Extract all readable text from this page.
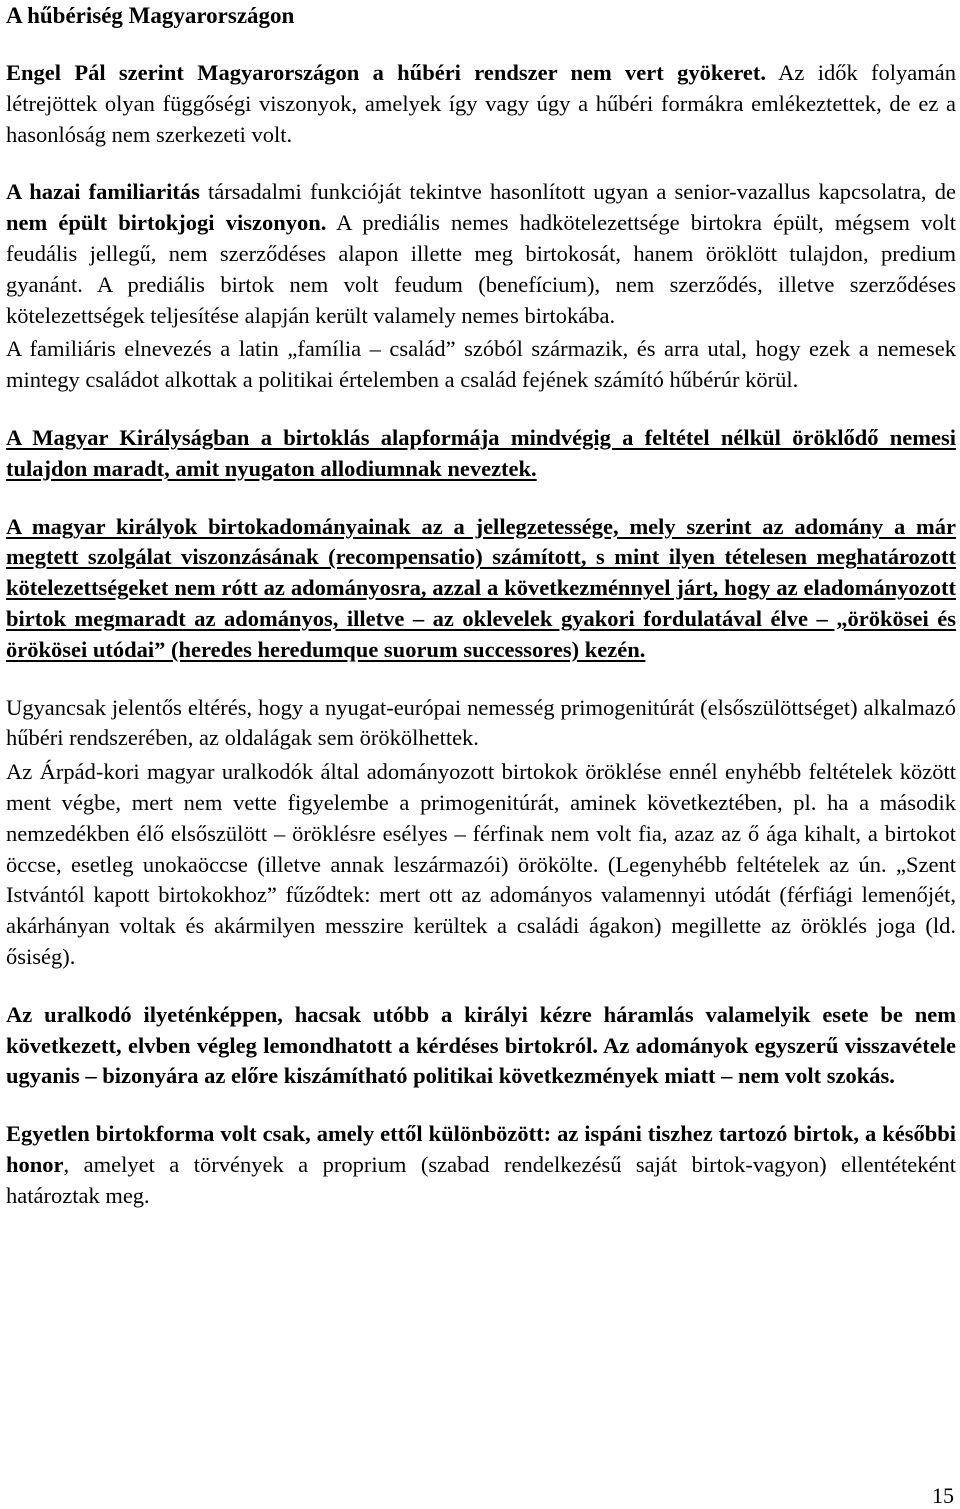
A hűbériség Magyarországon

Engel Pál szerint Magyarországon a hűbéri rendszer nem vert gyökeret. Az idők folyamán létrejöttek olyan függőségi viszonyok, amelyek így vagy úgy a hűbéri formákra emlékeztettek, de ez a hasonlóság nem szerkezeti volt.

A hazai familiaritás társadalmi funkcióját tekintve hasonlított ugyan a senior-vazallus kapcsolatra, de nem épült birtokjogi viszonyon. A prediális nemes hadkötelezettsége birtokra épült, mégsem volt feudális jellegű, nem szerződéses alapon illette meg birtokosát, hanem öröklött tulajdon, predium gyanánt. A prediális birtok nem volt feudum (benefícium), nem szerződés, illetve szerződéses kötelezettségek teljesítése alapján került valamely nemes birtokába.

A familiáris elnevezés a latin „família – család” szóból származik, és arra utal, hogy ezek a nemesek mintegy családot alkottak a politikai értelemben a család fejének számító hűbérúr körül.

A Magyar Királyságban a birtoklás alapformája mindvégig a feltétel nélkül öröklődő nemesi tulajdon maradt, amit nyugaton allodiumnak neveztek.

A magyar királyok birtokadományainak az a jellegzetessége, mely szerint az adomány a már megtett szolgálat viszonzásának (recompensatio) számított, s mint ilyen tételesen meghatározott kötelezettségeket nem rótt az adományosra, azzal a következménnyel járt, hogy az eladományozott birtok megmaradt az adományos, illetve – az oklevelek gyakori fordulatával élve – „örökösei és örökösei utódai” (heredes heredumque suorum successores) kezén.

Ugyancsak jelentős eltérés, hogy a nyugat-európai nemesség primogenitúrát (elsőszülöttséget) alkalmazó hűbéri rendszerében, az oldalágak sem örökölhettek.

Az Árpád-kori magyar uralkodók által adományozott birtokok öröklése ennél enyhébb feltételek között ment végbe, mert nem vette figyelembe a primogenitúrát, aminek következtében, pl. ha a második nemzedékben élő elsőszülött – öröklésre esélyes – férfinak nem volt fia, azaz az ő ága kihalt, a birtokot öccse, esetleg unokaöccse (illetve annak leszármazói) örökölte. (Legenyhébb feltételek az ún. „Szent Istvántól kapott birtokokhoz” fűződtek: mert ott az adományos valamennyi utódát (férfiági lemenőjét, akárhányan voltak és akármilyen messzire kerültek a családi ágakon) megillette az öröklés joga (ld. ősiség).

Az uralkodó ilyeténképpen, hacsak utóbb a királyi kézre háramlás valamelyik esete be nem következett, elvben végleg lemondhatott a kérdéses birtokról. Az adományok egyszerű visszavétele ugyanis – bizonyára az előre kiszámítható politikai következmények miatt – nem volt szokás.

Egyetlen birtokforma volt csak, amely ettől különbözött: az ispáni tiszhez tartozó birtok, a későbbi honor, amelyet a törvények a proprium (szabad rendelkezésű saját birtok-vagyon) ellentéteként határoztak meg.

15
